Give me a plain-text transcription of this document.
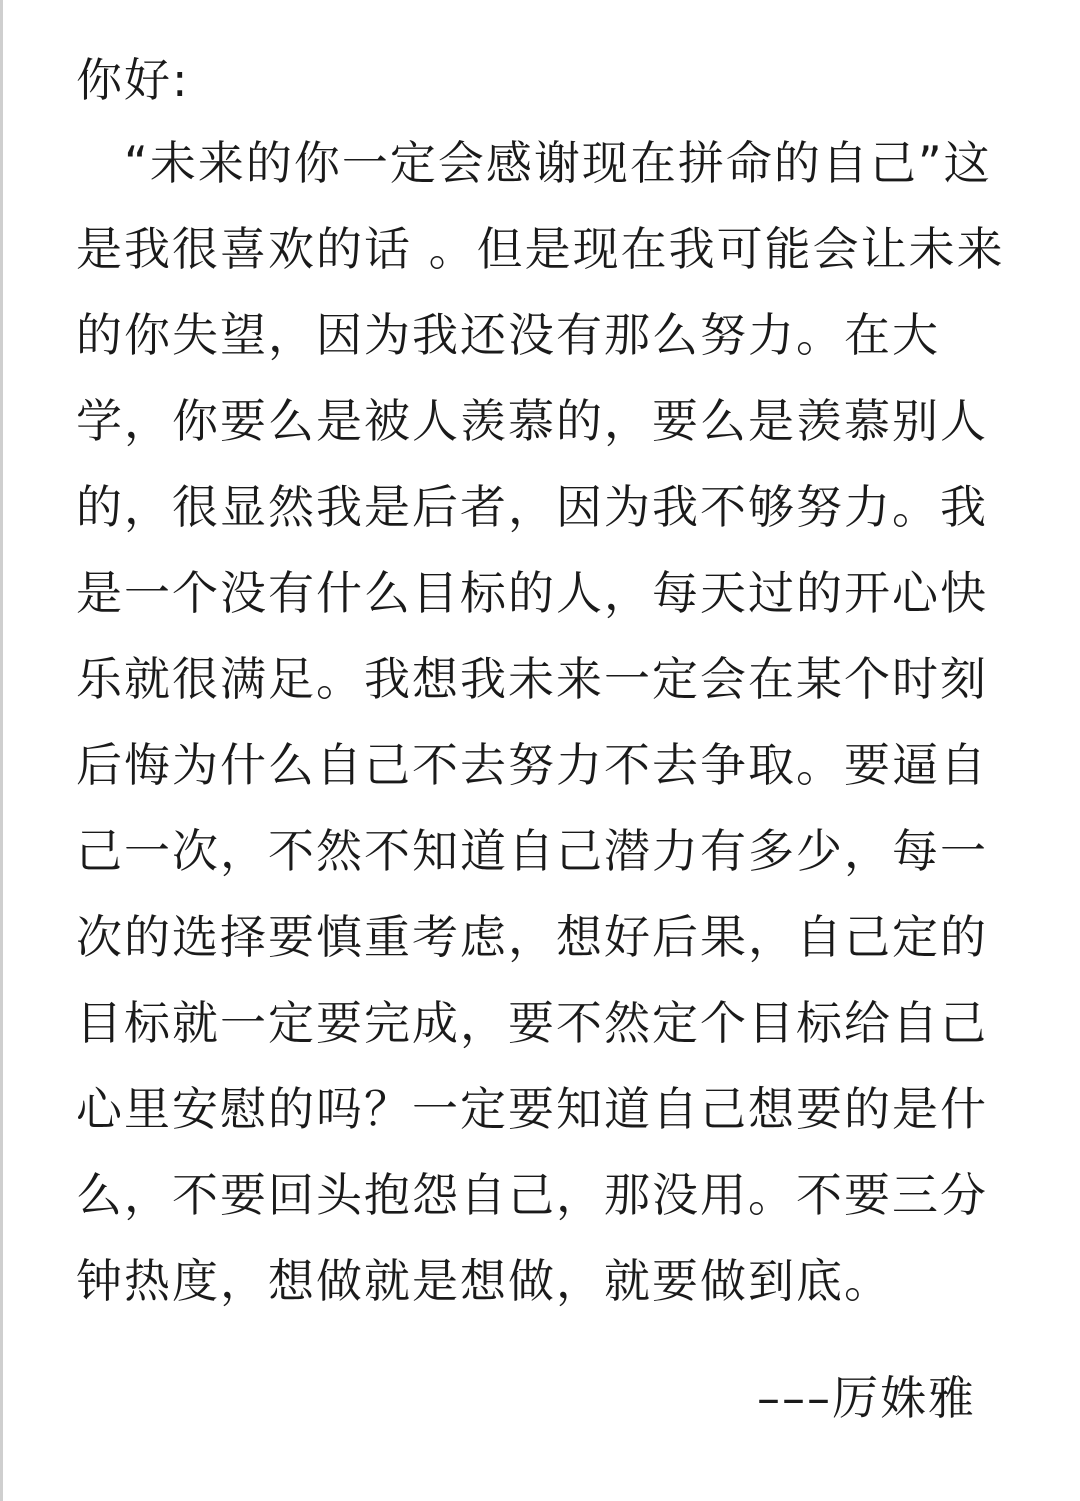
你好:
　“未来的你一定会感谢现在拼命的自己”这
是我很喜欢的话 。但是现在我可能会让未来
的你失望，因为我还没有那么努力。在大
学，你要么是被人羡慕的，要么是羡慕别人
的，很显然我是后者，因为我不够努力。我
是一个没有什么目标的人，每天过的开心快
乐就很满足。我想我未来一定会在某个时刻
后悔为什么自己不去努力不去争取。要逼自
己一次，不然不知道自己潜力有多少，每一
次的选择要慎重考虑，想好后果，自己定的
目标就一定要完成，要不然定个目标给自己
心里安慰的吗？一定要知道自己想要的是什
么，不要回头抱怨自己，那没用。不要三分
钟热度，想做就是想做，就要做到底。
–––厉姝雅
